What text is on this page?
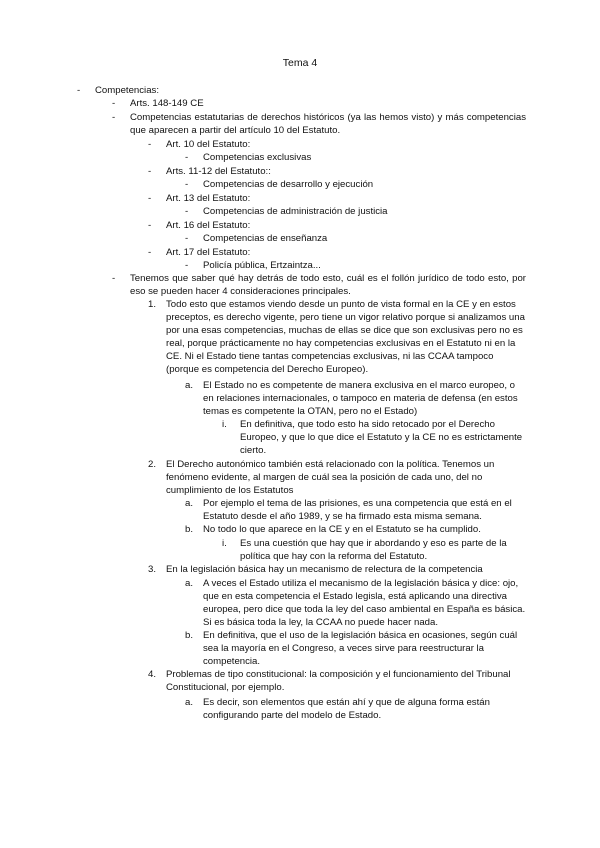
Tema 4
- Competencias:
- Arts. 148-149 CE
- Competencias estatutarias de derechos históricos (ya las hemos visto) y más competencias que aparecen a partir del artículo 10 del Estatuto.
- Art. 10 del Estatuto:
- Competencias exclusivas
- Arts. 11-12 del Estatuto::
- Competencias de desarrollo y ejecución
- Art. 13 del Estatuto:
- Competencias de administración de justicia
- Art. 16 del Estatuto:
- Competencias de enseñanza
- Art. 17 del Estatuto:
- Policía pública, Ertzaintza...
- Tenemos que saber qué hay detrás de todo esto, cuál es el follón jurídico de todo esto, por eso se pueden hacer 4 consideraciones principales.
1. Todo esto que estamos viendo desde un punto de vista formal en la CE y en estos preceptos, es derecho vigente, pero tiene un vigor relativo porque si analizamos una por una esas competencias, muchas de ellas se dice que son exclusivas pero no es real, porque prácticamente no hay competencias exclusivas en el Estatuto ni en la CE. Ni el Estado tiene tantas competencias exclusivas, ni las CCAA tampoco (porque es competencia del Derecho Europeo).
a. El Estado no es competente de manera exclusiva en el marco europeo, o en relaciones internacionales, o tampoco en materia de defensa (en estos temas es competente la OTAN, pero no el Estado)
i. En definitiva, que todo esto ha sido retocado por el Derecho Europeo, y que lo que dice el Estatuto y la CE no es estrictamente cierto.
2. El Derecho autonómico también está relacionado con la política. Tenemos un fenómeno evidente, al margen de cuál sea la posición de cada uno, del no cumplimiento de los Estatutos
a. Por ejemplo el tema de las prisiones, es una competencia que está en el Estatuto desde el año 1989, y se ha firmado esta misma semana.
b. No todo lo que aparece en la CE y en el Estatuto se ha cumplido.
i. Es una cuestión que hay que ir abordando y eso es parte de la política que hay con la reforma del Estatuto.
3. En la legislación básica hay un mecanismo de relectura de la competencia
a. A veces el Estado utiliza el mecanismo de la legislación básica y dice: ojo, que en esta competencia el Estado legisla, está aplicando una directiva europea, pero dice que toda la ley del caso ambiental en España es básica. Si es básica toda la ley, la CCAA no puede hacer nada.
b. En definitiva, que el uso de la legislación básica en ocasiones, según cuál sea la mayoría en el Congreso, a veces sirve para reestructurar la competencia.
4. Problemas de tipo constitucional: la composición y el funcionamiento del Tribunal Constitucional, por ejemplo.
a. Es decir, son elementos que están ahí y que de alguna forma están configurando parte del modelo de Estado.
